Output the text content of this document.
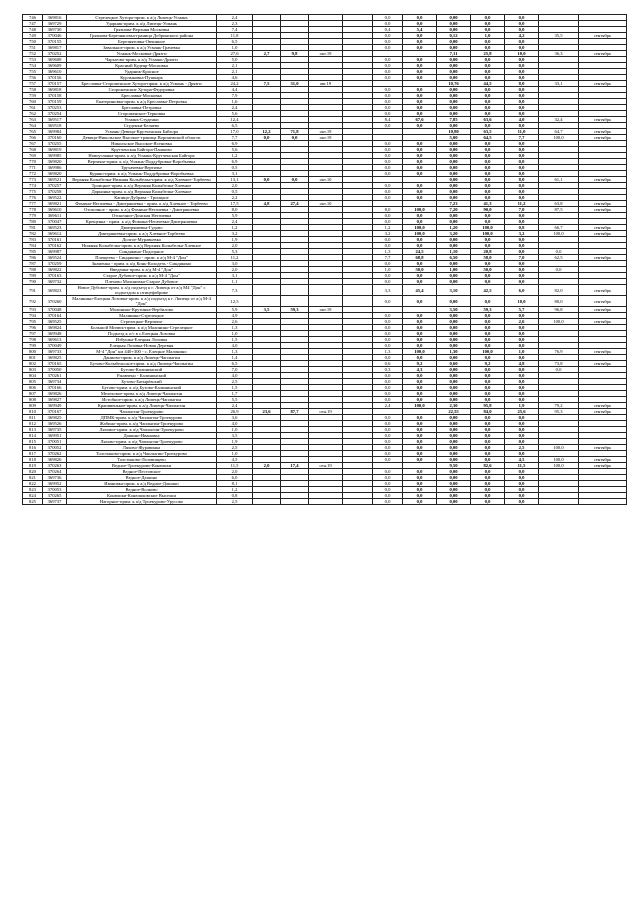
746	369816	Стрелецкое Хутора-прим. к а/д Липецк-Усмань	2,4					0,0	0,0	0,00	0,0	0,0			
747	369729	Ударник-прим. к а/д Липецк-Усмань	2,3					0,0	0,0	0,00	0,0	0,0			
748	369730	Грязнова-Верхняя Московка	7,4					0,4	5,4	0,00	0,0	0,0			
749	370046	Грязнова-Березняговка-граница Добринского района	11,8					0,0	0,0	0,12	1,0	4,2	35,5	сентябрь	
750	370155	Березнятовка-Овчинное	6,5					0,0	0,0	0,00	0,0	0,0			
751	369817	Завальное-прим. к а/д Усмань-Грачевка	1,0					0,0	0,0	0,00	0,0	0,0			
752	370252	Усмань-Московка-Дрязги	27,6	2,7	9,8	окт.19				7,11	25,8	10,0	36,3	сентябрь	
753	369608	Чарыгово-прим. к а/д Усмань-Дрязги	5,0					0,0	0,0	0,00	0,0	0,0			
754	369609	Красный Кудеяр-Московка	2,1					0,0	0,0	0,00	0,0	0,0			
755	369610	Ударник-Красное	2,1					0,0	0,0	0,00	0,0	0,0			
756	370156	Курлыковка-Пушкарь	4,6					0,0	0,0	0,00	0,0	0,0			
757	370157	Бреславка-Стороженские Хутора-прим. к а/д Усмань - Дрязги	24,2	7,5	31,0	авг.19				10,76	44,5	8,0	33,1	сентябрь	
758	369818	Стороженские Хутора-Федоровка	4,4					0,0	0,0	0,00	0,0	0,0			
759	370158	Бреславка-Московка	7,9					0,0	0,0	0,00	0,0	0,0			
760	370159	Екатериновка-прим. к а/д Бреславка-Петровка	1,6					0,0	0,0	0,00	0,0	0,0			
761	370253	Бреславка-Петровка	2,4					0,0	0,0	0,00	0,0	0,0			
762	370254	Стороженское-Терновка	5,6					0,0	0,0	0,00	0,0	0,0			
763	369517	Усмань-Студенки	12,4					8,4	67,6	7,85	63,6	4,0	32,4	сентябрь	
764	369518	Студенки-Беляево	6,5					0,0	0,0	0,00	0,0	0,0			
765	369984	Усмань-Девица-Крутченская Байгора	17,0	12,2	71,8	окт.19				10,80	63,5	11,0	64,7	сентябрь	
766	370160	Девица-Никольское Высокое-граница Воронежской области	7,7	0,0	0,0	окт.19				5,00	64,5	7,7	100,0	сентябрь	
767	370255	Никольское Высокое-Ясеновка	6,9					0,0	0,0	0,00	0,0	0,0			
768	369819	Крутченская Байгора-Пашково	5,6					0,0	0,0	0,00	0,0	0,0			
769	369985	Новоуглянка-прим. к а/д Усмань-Крутченская Байгора	1,2					0,0	0,0	0,00	0,0	0,0			
770	369820	Вертячье-прим. к а/д Усмань-Поддубровка-Воробьевка	6,9					0,0	0,0	0,00	0,0	0,0			
771	369986	Трухачевка-Вертячье	0,5					0,0	0,0	0,00	0,0	0,0			
772	369820	Куряно-прим. к а/д Усмань-Поддубровка-Воробьевка	3,1					0,0	0,0	0,00	0,0	0,0			
773	369521	Верхняя Колыбелка-Нижняя Колыбелка-прим. к а/д Хлевное-Торбеево	13,1	0,0	0,0	окт.10				0,00	0,0	8,0	61,1	сентябрь	
774	370257	Троицкое-прим. к а/д Верхняя Колыбелка-Хлевное	2,0					0,0	0,0	0,00	0,0	0,0			
775	370258	Дарьинка-прим. к а/д Верхняя Колыбелка-Хлевное	0,5					0,0	0,0	0,00	0,0	0,0			
776	369522	Капица-Дубрава - Троицкое	2,2					0,0	0,0	0,00	0,0	0,0			
777	369821	Фомина-Негачевка - Дмитряшевка - прим. к а/д Хлевное - Торбеево	17,5	4,8	27,4	окт.10				7,23	41,3	11,2	63,8	сентябрь	
778	369610	Отскочное - прим. к а/д Фомина-Негачевка - Дмитряшевка	8,0					8,0	100,0	7,20	90,0	7,0	87,5	сентябрь	
779	369611	Отскочное-Донская Негачевка	5,9					0,0	0,0	0,00	0,0	0,0			
780	370047	Крещенка - прим. к а/д Фомина-Негачевка-Дмитряшевка	2,4					0,0	0,0	0,00	0,0	0,0			
781	369523	Дмитряшевка-Гудово	1,2					1,2	100,0	1,20	100,0	0,8	66,7	сентябрь	
782	369612	Дмитряшевка-прим. к а/д Хлевное-Торбеево	3,2					3,2	100,0	3,20	100,0	3,2	100,0	сентябрь	
783	370161	Долгое-Муравьевка	1,9					0,0	0,0	0,00	0,0	0,0			
784	370162	Нижняя Колыбелка-прим. к а/д Верхняя Колыбелка-Хлевное	2,0					0,0	0,0	0,00	0,0	0,0			
785	369987	Синдякино-Подгорное	5,3					1,3	24,5	1,10	20,8	0,0	0,0		
786	369524	Плещеево - Синдякино - прим. к а/д М-4 "Дон"	11,2					7,7	68,8	6,50	58,0	7,0	62,5	сентябрь	
787	370259	Знаменка - прим. к а/д Конь-Колодезь - Синдякино	3,0					0,0	0,0	0,00	0,0	0,0			
788	369822	Введенка-прим. к а/д М-4 "Дон"	2,0					1,0	50,0	1,00	50,0	0,0	0,0		
789	370163	Старое Дубовое-прим. к а/д М-4 "Дон"	3,1					0,0	0,0	0,00	0,0	0,0			
790	369732	Плехово Малиновка-Старое Дубовое	1,1					0,0	0,0	0,00	0,0	0,0			
791	369823	Новое Дубовое-прим. к а/д подъезд к г. Липецк от а/д М4 "Дон" с подъездом к птицефабрике	7,3					3,3	45,4	3,10	42,5	6,0	82,0	сентябрь	
792	370260	Малинино-Елецкая Лозовка-прим. к а/д подъезд к г. Липецк от а/д М-4 "Дон"	12,5					0,0	0,0	0,00	0,0	10,0	80,0	сентябрь	
793	370048	Малинино-Крутинка-Вербилово	5,9	3,5	59,3	окт.19				3,50	59,3	5,7	96,8	сентябрь	
794	370164	Малинино-Стрелецкое	4,9					0,0	0,0	0,00	0,0	0,0			
795	369525	Стрелецкое-Вертячье	2,6					0,0	0,0	0,00	0,0	2,6	100,0	сентябрь	
796	369824	Большой Мичюк-прим. к а/д Малинино-Стрелецкое	1,3					0,0	0,0	0,00	0,0	0,0			
797	369948	Подъезд к о/с в с.Елецкая Лозовка	1,0					0,0	0,0	0,00	0,0	0,0			
798	369613	Избушка-Елецкая Лозовка	1,5					0,0	0,0	0,00	0,0	0,0			
799	370049	Елецкая Лозовка-Новая Деревня	4,0					0,0	0,0	0,00	0,0	0,0			
800	369733	М-4 "Дон" км 440+300 - с. Елецкое Малинино	1,3					1,3	100,0	1,30	100,0	1,0	76,9	сентябрь	
801	369825	Даниово-прим. к а/д Липецк-Чаплыгин	1,4					0,0	0,0	0,00	0,0	0,0			
802	370165	Бутово-Колыбельское-прим. к а/д Липецк-Чаплыгин	6,5					0,6	9,2	0,60	9,2	4,8	73,8	сентябрь	
803	370050	Бутово-Калининский	7,0					0,3	4,3	0,00	0,0	0,0	0,0		
804	370261	Ржавчено - Калининский	4,0					0,0	0,0	0,00	0,0	0,0			
805	369734	Бутово-Батырёвский	2,5					0,0	0,0	0,00	0,0	0,0			
806	370166	Бутово-прим. к а/д Бутово-Калининский	1,5					0,0	0,0	0,00	0,0	0,0			
807	369826	Мелеховое-прим. к а/д Липецк-Чаплыгин	1,7					0,0	0,0	0,00	0,0	0,0			
808	369827	Истобное-прим. к а/д Липецк-Чаплыгин	5,5					0,0	0,0	0,00	0,0	0,0			
809	369949	Крапивенькое-прим. к а/д Липецк-Чаплыгин	2,4					2,4	100,0	2,30	95,8	1,9	79,2	сентябрь	
810	370167	Чаплыгин-Троекурово	26,9	23,6	87,7	сен.19				22,55	84,0	25,6	95,3	сентябрь	
811	369825	ДПМК-прим. к а/д Чаплыгин-Троекурово	3,6					0,0	0,0	0,00	0,0	0,0			
812	369526	Жабино-прим. к а/д Чаплыгин-Троекурово	4,0					0,0	0,0	0,00	0,0	0,0			
813	369735	Ляховое-прим. к а/д Чаплыгин-Троекурово	1,0					0,0	0,0	0,00	0,0	0,0			
814	369951	Дашино-Ивановка	3,5					0,0	0,0	0,00	0,0	0,0			
815	370051	Ляхово-прим. к а/д Чаплыгин-Троекурово	1,9					0,0	0,0	0,00	0,0	0,0			
816	370052	Ляхово-Журавинка	2,5					0,0	0,0	0,00	0,0	2,5	100,0	сентябрь	
817	370262	Толстыково-прим. к а/д Чаплыгин-Троекурово	1,0					0,0	0,0	0,00	0,0	0,0			
818	369826	Толстыково-Лозовищево	4,5					0,0	0,0	0,00	0,0	4,5	100,0	сентябрь	
819	370263	Ведное-Троекурово-Конюшки	11,5	2,0	17,4	сен.19				9,50	82,6	11,5	100,0	сентябрь	
820	370264	Ведное-Пестовское	2,0					0,0	0,0	0,00	0,0	0,0			
821	369736	Ведное-Дашино	6,0					0,0	0,0	0,00	0,0	0,0			
822	369952	Ивановка-прим. к а/д Ведное-Дашино	8,1					0,0	0,0	0,00	0,0	0,0			
823	370053	Ведное-Волково	1,2					0,0	0,0	0,00	0,0	0,0			
824	370265	Конюшки-Конюшковские Выселки	0,8					0,0	0,0	0,00	0,0	0,0			
825	369737	Нагорное-прим. к а/д Троекурово-Урусово	2,5					0,0	0,0	0,00	0,0	0,0			
